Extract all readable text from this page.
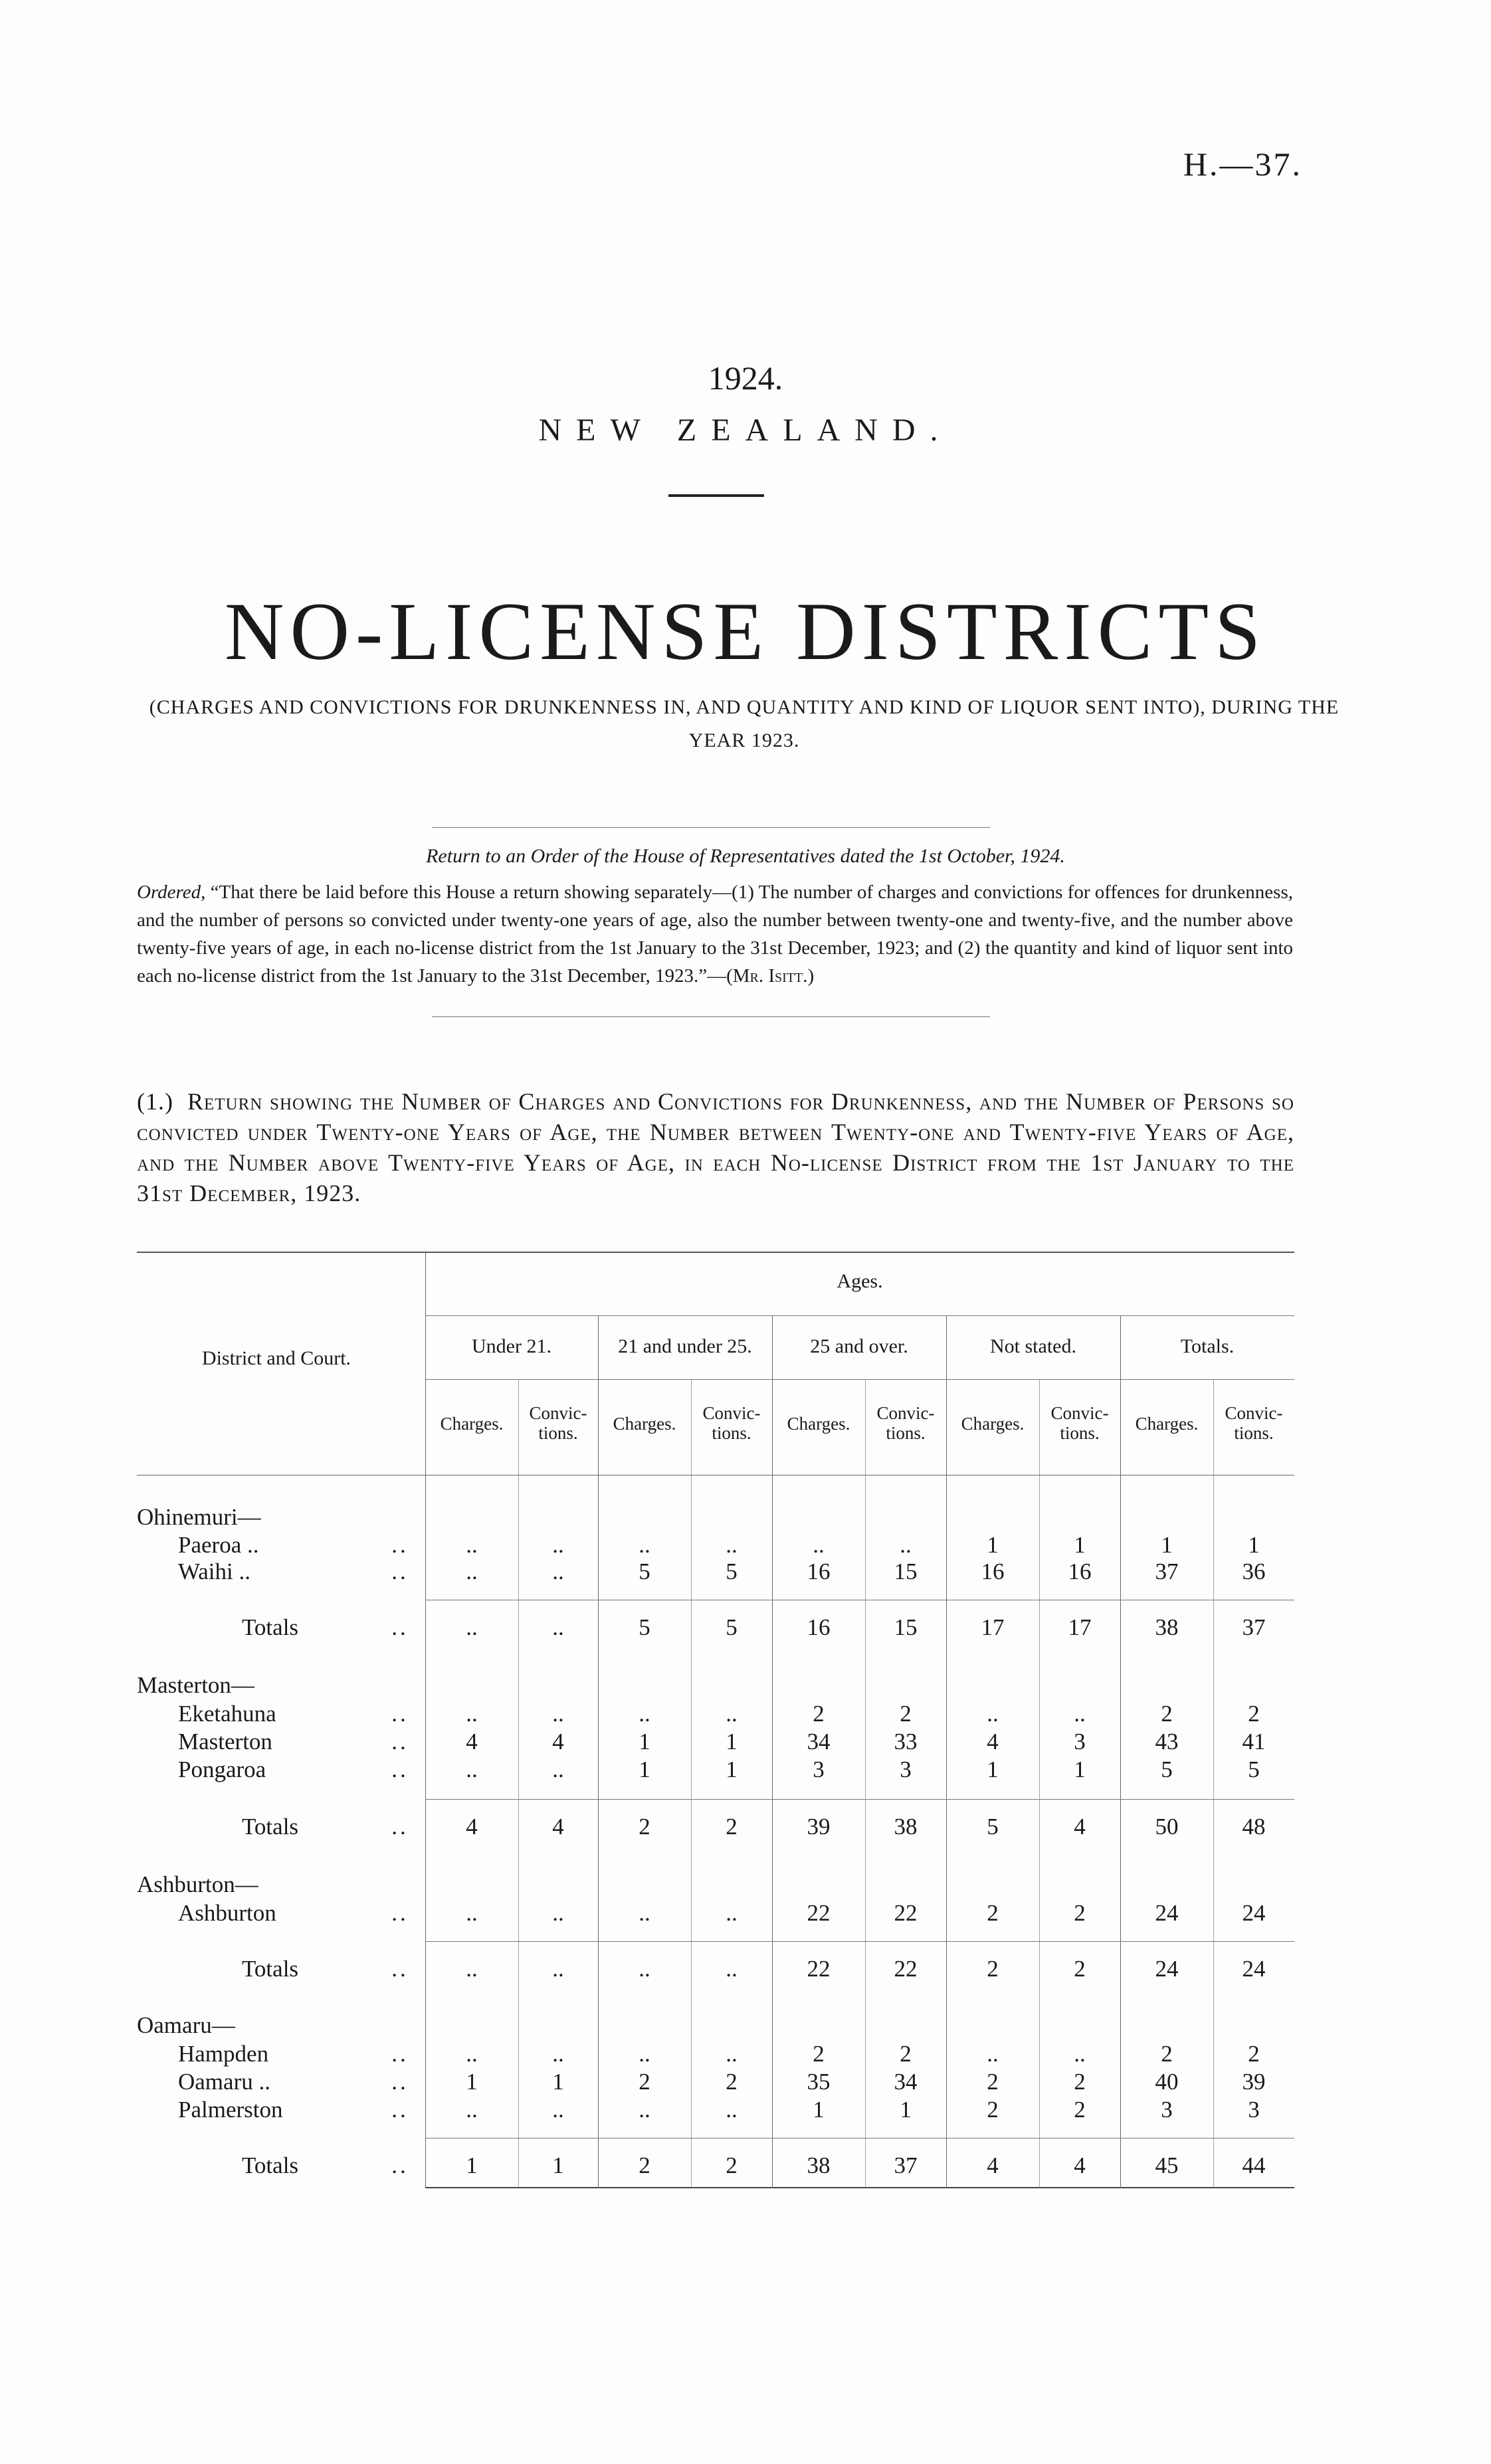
H.—37.
1924.
NEW ZEALAND.
NO-LICENSE DISTRICTS
(CHARGES AND CONVICTIONS FOR DRUNKENNESS IN, AND QUANTITY AND KIND OF LIQUOR SENT INTO), DURING THE YEAR 1923.
Return to an Order of the House of Representatives dated the 1st October, 1924.
Ordered, “That there be laid before this House a return showing separately—(1) The number of charges and convictions for offences for drunkenness, and the number of persons so convicted under twenty-one years of age, also the number between twenty-one and twenty-five, and the number above twenty-five years of age, in each no-license district from the 1st January to the 31st December, 1923; and (2) the quantity and kind of liquor sent into each no-license district from the 1st January to the 31st December, 1923.”—(Mr. Isitt.)
(1.) Return showing the Number of Charges and Convictions for Drunkenness, and the Number of Persons so convicted under Twenty-one Years of Age, the Number between Twenty-one and Twenty-five Years of Age, and the Number above Twenty-five Years of Age, in each No-license District from the 1st January to the 31st December, 1923.
District and Court.
Ages.
Under 21.	21 and under 25.	25 and over.	Not stated.	Totals.
Charges.
Convic-
tions.	Charges.
Convic-
tions.	Charges.
Convic-
tions.	Charges.
Convic-
tions.	Charges.
Convic-
tions.
Ohinemuri—
Paeroa ..	..	..	..	..	..	..	..	1	1	1	1
Waihi ..	..	..	..	5	5	16	15	16	16	37	36
Totals	..	..	..	5	5	16	15	17	17	38	37
Masterton—
Eketahuna	..	..	..	..	..	2	2	..	..	2	2
Masterton	..	4	4	1	1	34	33	4	3	43	41
Pongaroa	..	..	..	1	1	3	3	1	1	5	5
Totals	..	4	4	2	2	39	38	5	4	50	48
Ashburton—
Ashburton	..	..	..	..	..	22	22	2	2	24	24
Totals	..	..	..	..	..	22	22	2	2	24	24
Oamaru—
Hampden	..	..	..	..	..	2	2	..	..	2	2
Oamaru ..	..	1	1	2	2	35	34	2	2	40	39
Palmerston	..	..	..	..	..	1	1	2	2	3	3
Totals	..	1	1	2	2	38	37	4	4	45	44
